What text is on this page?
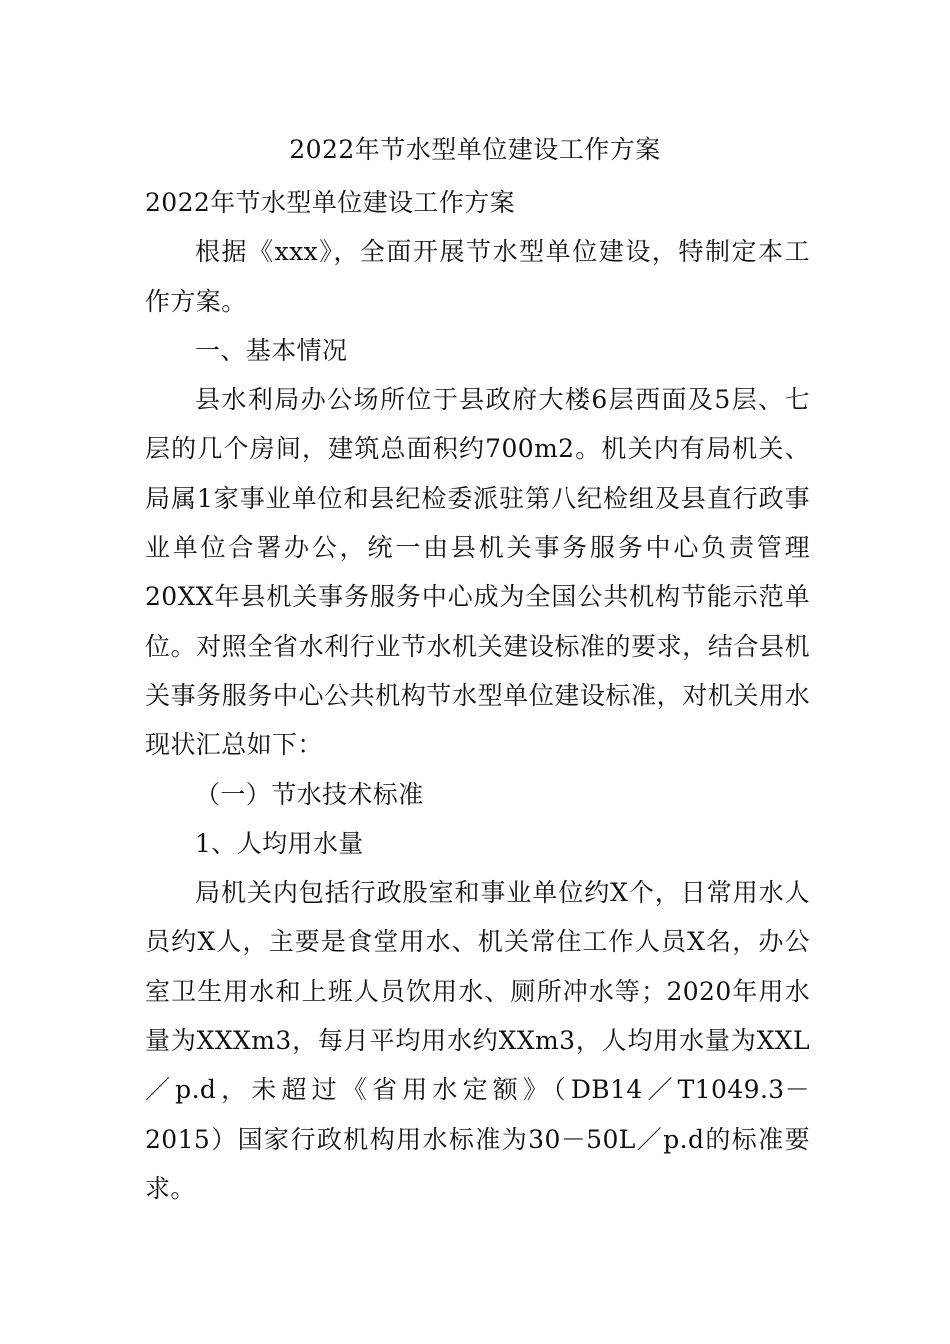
2022年节水型单位建设工作方案

2022年节水型单位建设工作方案

根据《xxx》，全面开展节水型单位建设，特制定本工作方案。

一、基本情况

县水利局办公场所位于县政府大楼6层西面及5层、七层的几个房间，建筑总面积约700m2。机关内有局机关、局属1家事业单位和县纪检委派驻第八纪检组及县直行政事业单位合署办公，统一由县机关事务服务中心负责管理20XX年县机关事务服务中心成为全国公共机构节能示范单位。对照全省水利行业节水机关建设标准的要求，结合县机关事务服务中心公共机构节水型单位建设标准，对机关用水现状汇总如下：

（一）节水技术标准

1、人均用水量

局机关内包括行政股室和事业单位约X个，日常用水人员约X人，主要是食堂用水、机关常住工作人员X名，办公室卫生用水和上班人员饮用水、厕所冲水等；2020年用水量为XXXm3，每月平均用水约XXm3，人均用水量为XXL／p.d，未超过《省用水定额》（DB14／T1049.3－2015）国家行政机构用水标准为30－50L／p.d的标准要求。
